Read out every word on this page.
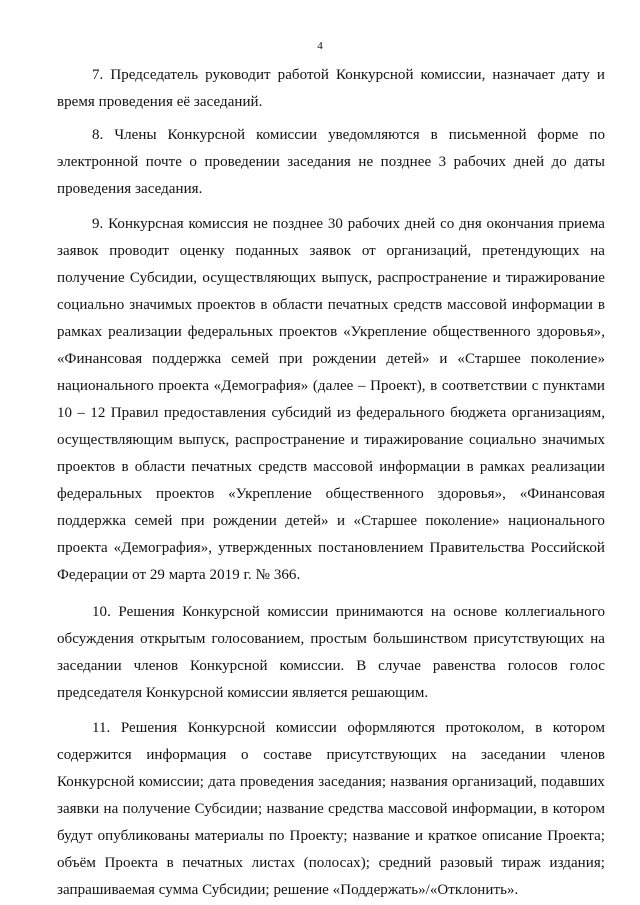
4

7. Председатель руководит работой Конкурсной комиссии, назначает дату и время проведения её заседаний.

8. Члены Конкурсной комиссии уведомляются в письменной форме по электронной почте о проведении заседания не позднее 3 рабочих дней до даты проведения заседания.

9. Конкурсная комиссия не позднее 30 рабочих дней со дня окончания приема заявок проводит оценку поданных заявок от организаций, претендующих на получение Субсидии, осуществляющих выпуск, распространение и тиражирование социально значимых проектов в области печатных средств массовой информации в рамках реализации федеральных проектов «Укрепление общественного здоровья», «Финансовая поддержка семей при рождении детей» и «Старшее поколение» национального проекта «Демография» (далее – Проект), в соответствии с пунктами 10 – 12 Правил предоставления субсидий из федерального бюджета организациям, осуществляющим выпуск, распространение и тиражирование социально значимых проектов в области печатных средств массовой информации в рамках реализации федеральных проектов «Укрепление общественного здоровья», «Финансовая поддержка семей при рождении детей» и «Старшее поколение» национального проекта «Демография», утвержденных постановлением Правительства Российской Федерации от 29 марта 2019 г. № 366.

10. Решения Конкурсной комиссии принимаются на основе коллегиального обсуждения открытым голосованием, простым большинством присутствующих на заседании членов Конкурсной комиссии. В случае равенства голосов голос председателя Конкурсной комиссии является решающим.

11. Решения Конкурсной комиссии оформляются протоколом, в котором содержится информация о составе присутствующих на заседании членов Конкурсной комиссии; дата проведения заседания; названия организаций, подавших заявки на получение Субсидии; название средства массовой информации, в котором будут опубликованы материалы по Проекту; название и краткое описание Проекта; объём Проекта в печатных листах (полосах); средний разовый тираж издания; запрашиваемая сумма Субсидии; решение «Поддержать»/«Отклонить».
